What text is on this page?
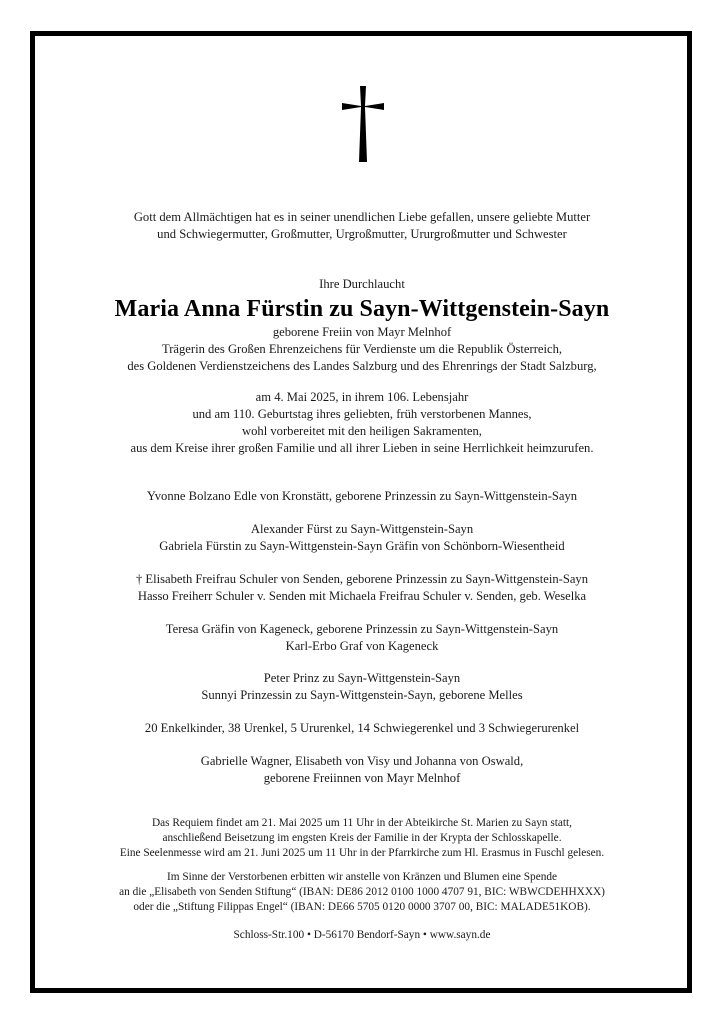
Gott dem Allmächtigen hat es in seiner unendlichen Liebe gefallen, unsere geliebte Mutter

und Schwiegermutter, Großmutter, Urgroßmutter, Ururgroßmutter und Schwester

Ihre Durchlaucht

Maria Anna Fürstin zu Sayn-Wittgenstein-Sayn

geborene Freiin von Mayr Melnhof

Trägerin des Großen Ehrenzeichens für Verdienste um die Republik Österreich,

des Goldenen Verdienstzeichens des Landes Salzburg und des Ehrenrings der Stadt Salzburg,

am 4. Mai 2025, in ihrem 106. Lebensjahr

und am 110. Geburtstag ihres geliebten, früh verstorbenen Mannes,

wohl vorbereitet mit den heiligen Sakramenten,

aus dem Kreise ihrer großen Familie und all ihrer Lieben in seine Herrlichkeit heimzurufen.

Yvonne Bolzano Edle von Kronstätt, geborene Prinzessin zu Sayn-Wittgenstein-Sayn

Alexander Fürst zu Sayn-Wittgenstein-Sayn

Gabriela Fürstin zu Sayn-Wittgenstein-Sayn Gräfin von Schönborn-Wiesentheid

† Elisabeth Freifrau Schuler von Senden, geborene Prinzessin zu Sayn-Wittgenstein-Sayn

Hasso Freiherr Schuler v. Senden mit Michaela Freifrau Schuler v. Senden, geb. Weselka

Teresa Gräfin von Kageneck, geborene Prinzessin zu Sayn-Wittgenstein-Sayn

Karl-Erbo Graf von Kageneck

Peter Prinz zu Sayn-Wittgenstein-Sayn

Sunnyi Prinzessin zu Sayn-Wittgenstein-Sayn, geborene Melles

20 Enkelkinder, 38 Urenkel, 5 Ururenkel, 14 Schwiegerenkel und 3 Schwiegerurenkel

Gabrielle Wagner, Elisabeth von Visy und Johanna von Oswald,

geborene Freiinnen von Mayr Melnhof

Das Requiem findet am 21. Mai 2025 um 11 Uhr in der Abteikirche St. Marien zu Sayn statt,

anschließend Beisetzung im engsten Kreis der Familie in der Krypta der Schlosskapelle.

Eine Seelenmesse wird am 21. Juni 2025 um 11 Uhr in der Pfarrkirche zum Hl. Erasmus in Fuschl gelesen.

Im Sinne der Verstorbenen erbitten wir anstelle von Kränzen und Blumen eine Spende

an die „Elisabeth von Senden Stiftung“ (IBAN: DE86 2012 0100 1000 4707 91, BIC: WBWCDEHHXXX)

oder die „Stiftung Filippas Engel“ (IBAN: DE66 5705 0120 0000 3707 00, BIC: MALADE51KOB).

Schloss-Str.100 • D-56170 Bendorf-Sayn • www.sayn.de
